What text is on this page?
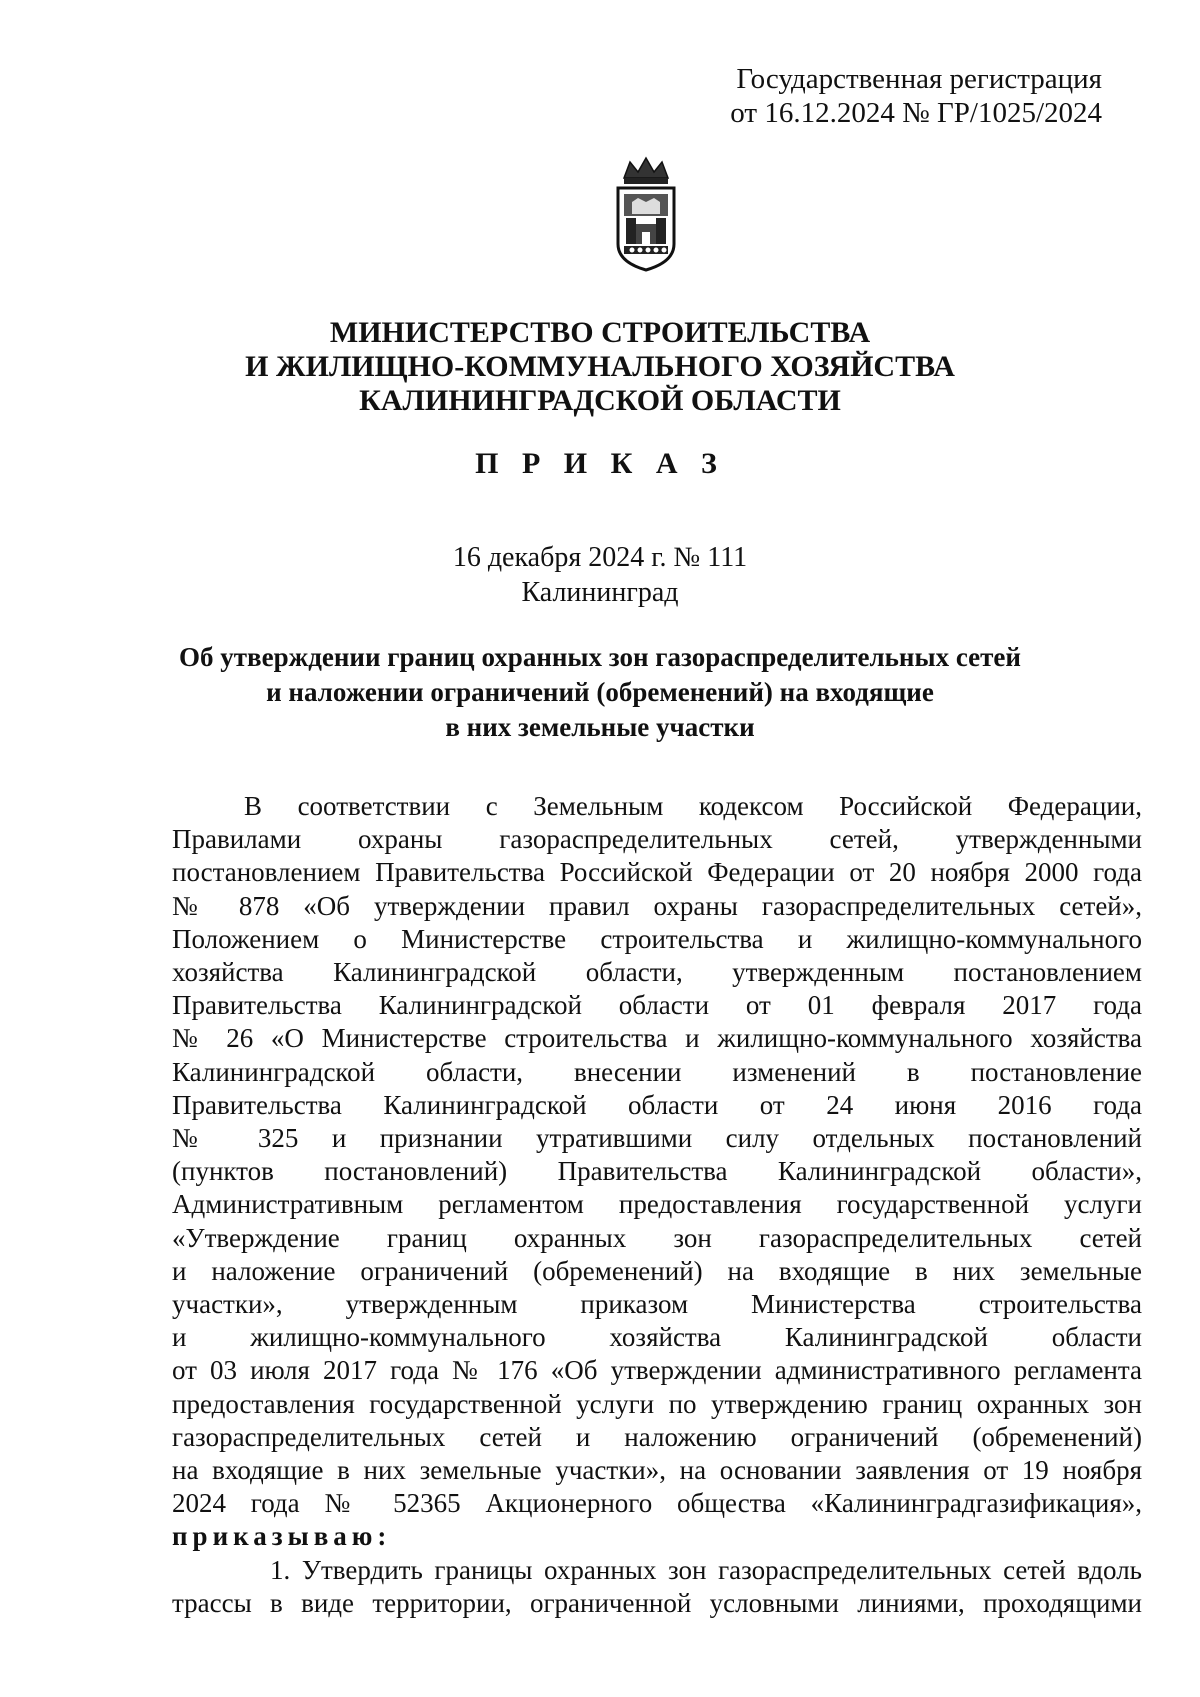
Государственная регистрация
от 16.12.2024 № ГР/1025/2024
МИНИСТЕРСТВО СТРОИТЕЛЬСТВА
И ЖИЛИЩНО-КОММУНАЛЬНОГО ХОЗЯЙСТВА
КАЛИНИНГРАДСКОЙ ОБЛАСТИ
П Р И К А З
16 декабря 2024 г. № 111
Калининград
Об утверждении границ охранных зон газораспределительных сетей
и наложении ограничений (обременений) на входящие
в них земельные участки
В соответствии с Земельным кодексом Российской Федерации,
Правилами охраны газораспределительных сетей, утвержденными
постановлением Правительства Российской Федерации от 20 ноября 2000 года
№ 878 «Об утверждении правил охраны газораспределительных сетей»,
Положением о Министерстве строительства и жилищно-коммунального
хозяйства Калининградской области, утвержденным постановлением
Правительства Калининградской области от 01 февраля 2017 года
№ 26 «О Министерстве строительства и жилищно-коммунального хозяйства
Калининградской области, внесении изменений в постановление
Правительства Калининградской области от 24 июня 2016 года
№ 325 и признании утратившими силу отдельных постановлений
(пунктов постановлений) Правительства Калининградской области»,
Административным регламентом предоставления государственной услуги
«Утверждение границ охранных зон газораспределительных сетей
и наложение ограничений (обременений) на входящие в них земельные
участки», утвержденным приказом Министерства строительства
и жилищно-коммунального хозяйства Калининградской области
от 03 июля 2017 года № 176 «Об утверждении административного регламента
предоставления государственной услуги по утверждению границ охранных зон
газораспределительных сетей и наложению ограничений (обременений)
на входящие в них земельные участки», на основании заявления от 19 ноября
2024 года № 52365 Акционерного общества «Калининградгазификация»,
приказываю:
1. Утвердить границы охранных зон газораспределительных сетей вдоль
трассы в виде территории, ограниченной условными линиями, проходящими
